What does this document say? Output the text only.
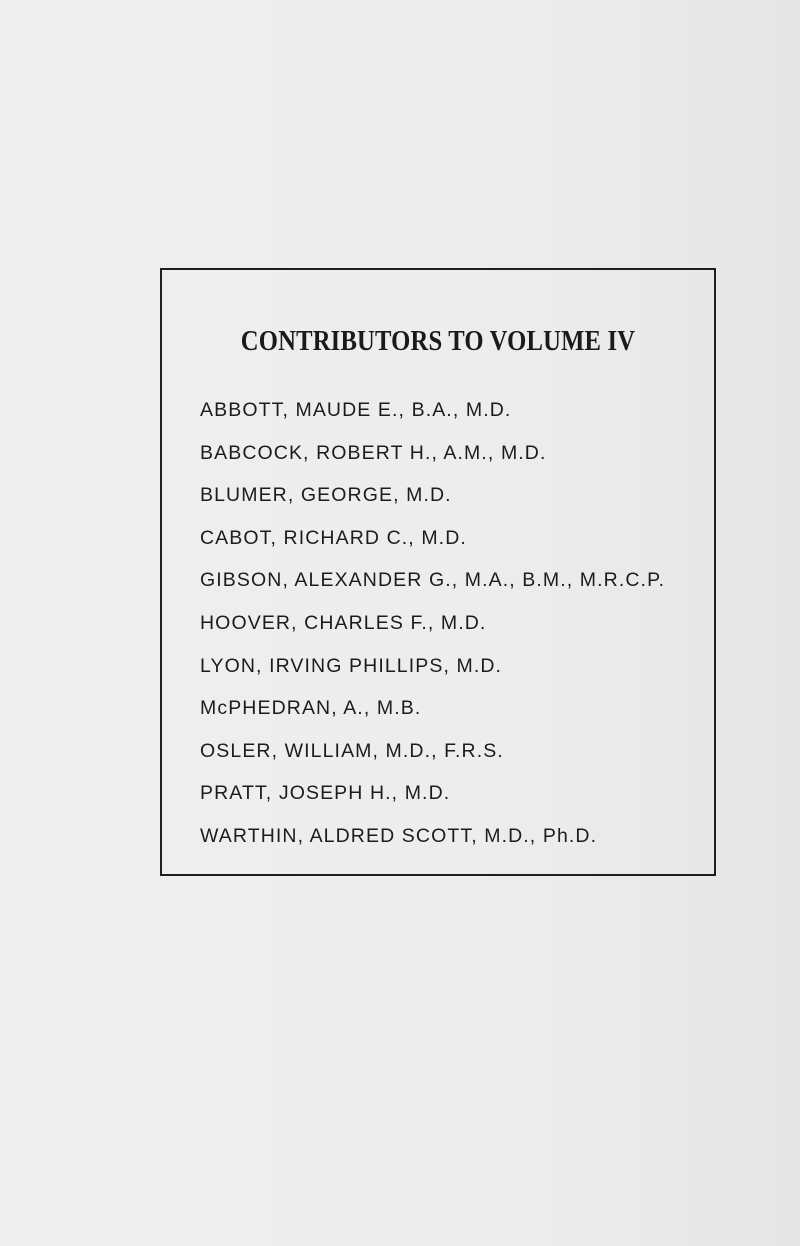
CONTRIBUTORS TO VOLUME IV
ABBOTT, MAUDE E., B.A., M.D.
BABCOCK, ROBERT H., A.M., M.D.
BLUMER, GEORGE, M.D.
CABOT, RICHARD C., M.D.
GIBSON, ALEXANDER G., M.A., B.M., M.R.C.P.
HOOVER, CHARLES F., M.D.
LYON, IRVING PHILLIPS, M.D.
McPHEDRAN, A., M.B.
OSLER, WILLIAM, M.D., F.R.S.
PRATT, JOSEPH H., M.D.
WARTHIN, ALDRED SCOTT, M.D., Ph.D.
